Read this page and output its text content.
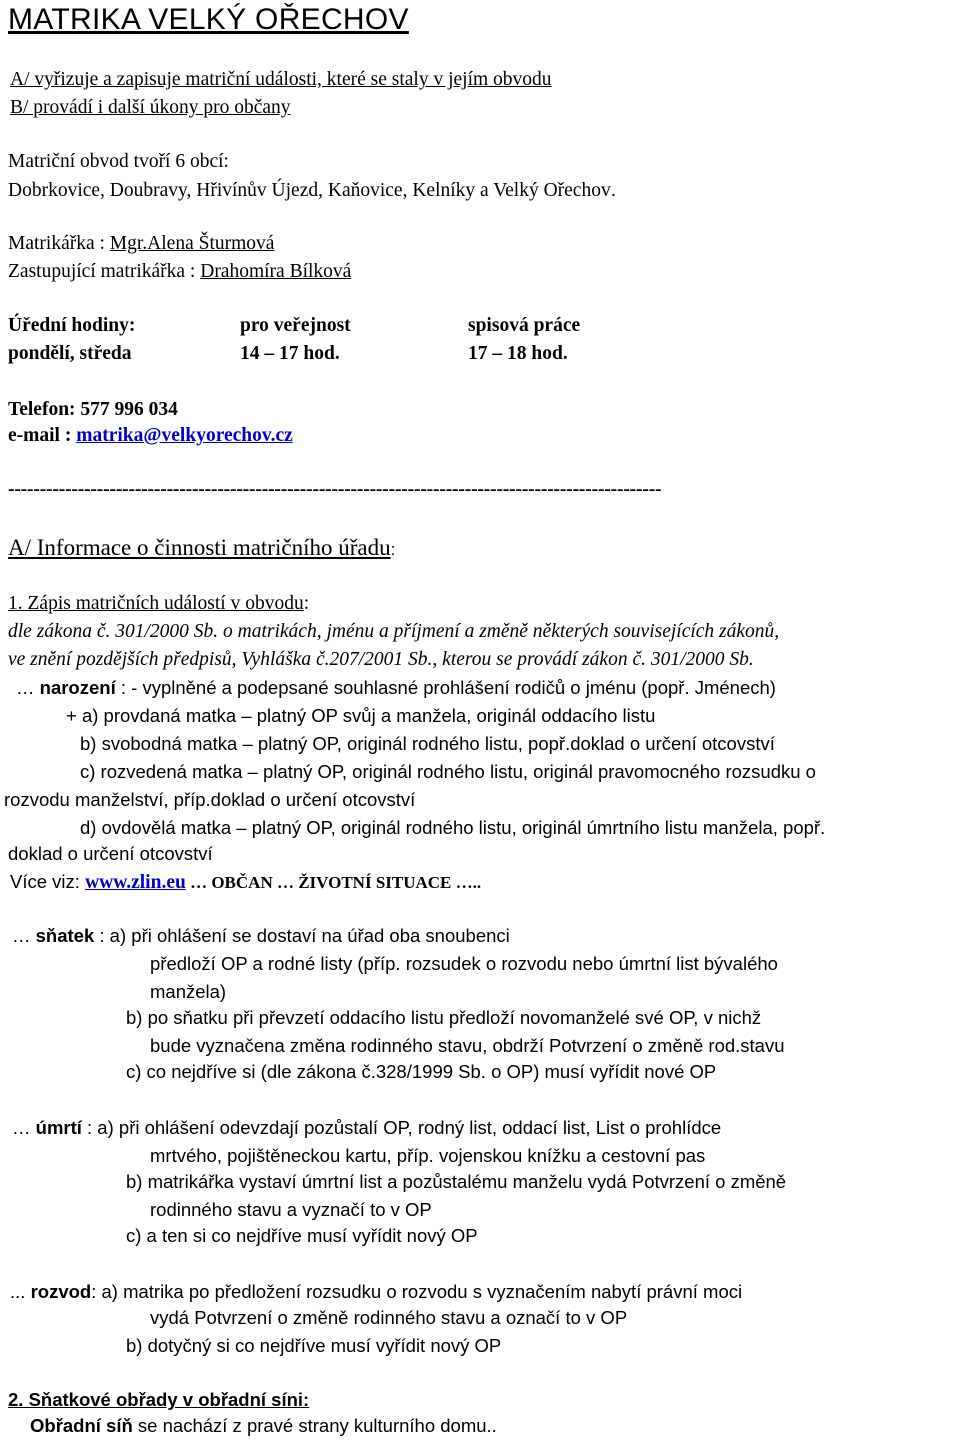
MATRIKA VELKÝ OŘECHOV
A/ vyřizuje a zapisuje matriční události, které se staly v jejím obvodu
B/ provádí i další úkony pro občany
Matriční obvod tvoří 6 obcí:
Dobrkovice, Doubravy, Hřivínův Újezd, Kaňovice, Kelníky a Velký Ořechov.
Matrikářka : Mgr.Alena Šturmová
Zastupující matrikářka : Drahomíra Bílková
Úřední hodiny:	pro veřejnost	spisová práce
pondělí, středa	14 – 17 hod.	17 – 18 hod.
Telefon: 577 996 034
e-mail : matrika@velkyorechov.cz
-------------------------------------------------------------------------------------------------------
A/ Informace o činnosti matričního úřadu:
1. Zápis matričních událostí v obvodu:
dle zákona č. 301/2000 Sb. o matrikách, jménu a příjmení a změně některých souvisejících zákonů,
ve znění pozdějších předpisů, Vyhláška č.207/2001 Sb., kterou se provádí zákon č. 301/2000 Sb.
… narození : - vyplněné a podepsané souhlasné prohlášení rodičů o jménu (popř. Jménech)
+ a) provdaná matka – platný OP svůj a manžela, originál oddacího listu
b) svobodná matka – platný OP, originál rodného listu, popř.doklad o určení otcovství
c) rozvedená matka – platný OP, originál rodného listu, originál pravomocného rozsudku o
rozvodu manželství, příp.doklad o určení otcovství
d) ovdovělá matka – platný OP, originál rodného listu, originál úmrtního listu manžela, popř.
doklad o určení otcovství
Více viz: www.zlin.eu … OBČAN … ŽIVOTNÍ SITUACE …..
… sňatek : a) při ohlášení se dostaví na úřad oba snoubenci
předloží OP a rodné listy (příp. rozsudek o rozvodu nebo úmrtní list bývalého
manžela)
b) po sňatku při převzetí oddacího listu předloží novomanželé své OP, v nichž
bude vyznačena změna rodinného stavu, obdrží Potvrzení o změně rod.stavu
c) co nejdříve si (dle zákona č.328/1999 Sb. o OP) musí vyřídit nové OP
… úmrtí : a) při ohlášení odevzdají pozůstalí OP, rodný list, oddací list, List o prohlídce
mrtvého, pojištěneckou kartu, příp. vojenskou knížku a cestovní pas
b) matrikářka vystaví úmrtní list a pozůstalému manželu vydá Potvrzení o změně
rodinného stavu a vyznačí to v OP
c) a ten si co nejdříve musí vyřídit nový OP
... rozvod: a) matrika po předložení rozsudku o rozvodu s vyznačením nabytí právní moci
vydá Potvrzení o změně rodinného stavu a označí to v OP
b) dotyčný si co nejdříve musí vyřídit nový OP
2. Sňatkové obřady v obřadní síni:
Obřadní síň se nachází z pravé strany kulturního domu..
